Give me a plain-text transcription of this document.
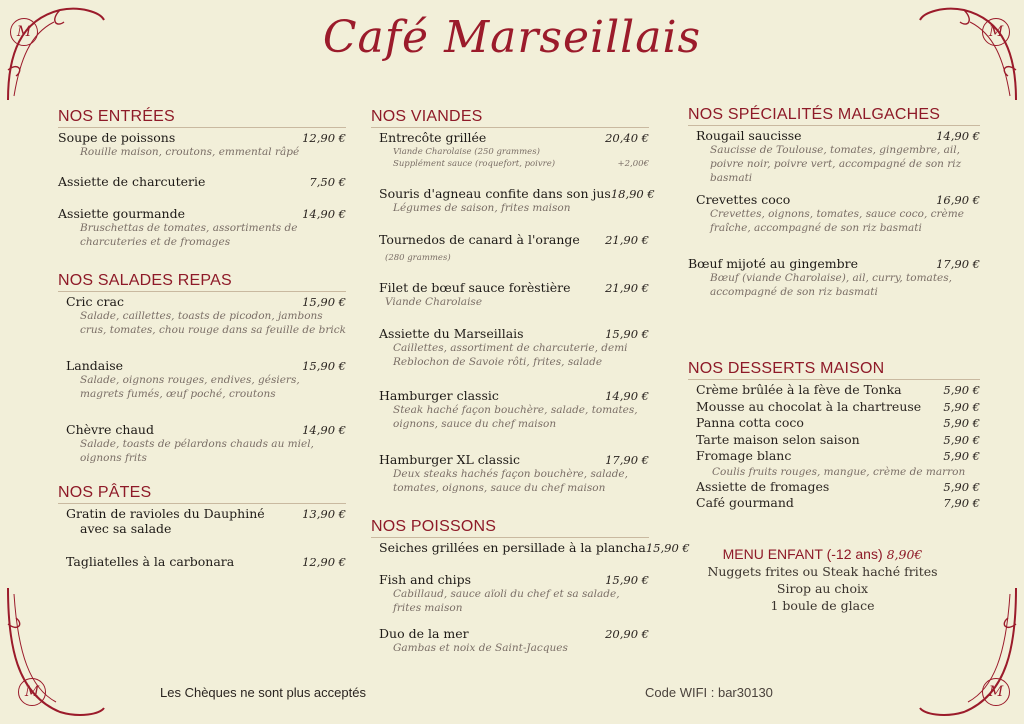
M	M
M	M
Café Marseillais
NOS ENTRÉES
Soupe de poissons	12,90 €
Rouille maison, croutons, emmental râpé
Assiette de charcuterie	7,50 €
Assiette gourmande	14,90 €
Bruschettas de tomates, assortiments de charcuteries et de fromages
NOS SALADES REPAS
Cric crac	15,90 €
Salade, caillettes, toasts de picodon, jambons crus, tomates, chou rouge dans sa feuille de brick
Landaise	15,90 €
Salade, oignons rouges, endives, gésiers, magrets fumés, œuf poché, croutons
Chèvre chaud	14,90 €
Salade, toasts de pélardons chauds au miel, oignons frits
NOS PÂTES
Gratin de ravioles du Dauphiné	13,90 €
avec sa salade
Tagliatelles à la carbonara	12,90 €
NOS VIANDES
Entrecôte grillée	20,40 €
Viande Charolaise (250 grammes)
Supplément sauce (roquefort, poivre)	+2,00€
Souris d'agneau confite dans son jus 18,90 €
Légumes de saison, frites maison
Tournedos de canard à l'orange 21,90 €
(280 grammes)
Filet de bœuf sauce forèstière	21,90 €
Viande Charolaise
Assiette du Marseillais	15,90 €
Caillettes, assortiment de charcuterie, demi Reblochon de Savoie rôti, frites, salade
Hamburger classic	14,90 €
Steak haché façon bouchère, salade, tomates, oignons, sauce du chef maison
Hamburger XL classic	17,90 €
Deux steaks hachés façon bouchère, salade, tomates, oignons, sauce du chef maison
NOS POISSONS
Seiches grillées en persillade à la plancha 15,90 €
Fish and chips	15,90 €
Cabillaud, sauce aïoli du chef et sa salade, frites maison
Duo de la mer	20,90 €
Gambas et noix de Saint-Jacques
NOS SPÉCIALITÉS MALGACHES
Rougail saucisse	14,90 €
Saucisse de Toulouse, tomates, gingembre, ail, poivre noir, poivre vert, accompagné de son riz basmati
Crevettes coco	16,90 €
Crevettes, oignons, tomates, sauce coco, crème fraîche, accompagné de son riz basmati
Bœuf mijoté au gingembre	17,90 €
Bœuf (viande Charolaise), ail, curry, tomates, accompagné de son riz basmati
NOS DESSERTS MAISON
Crème brûlée à la fève de Tonka	5,90 €
Mousse au chocolat à la chartreuse 5,90 €
Panna cotta coco	5,90 €
Tarte maison selon saison	5,90 €
Fromage blanc	5,90 €
Coulis fruits rouges, mangue, crème de marron
Assiette de fromages	5,90 €
Café gourmand	7,90 €
MENU ENFANT (-12 ans) 8,90€
Nuggets frites ou Steak haché frites
Sirop au choix
1 boule de glace
Les Chèques ne sont plus acceptés	Code WIFI : bar30130
